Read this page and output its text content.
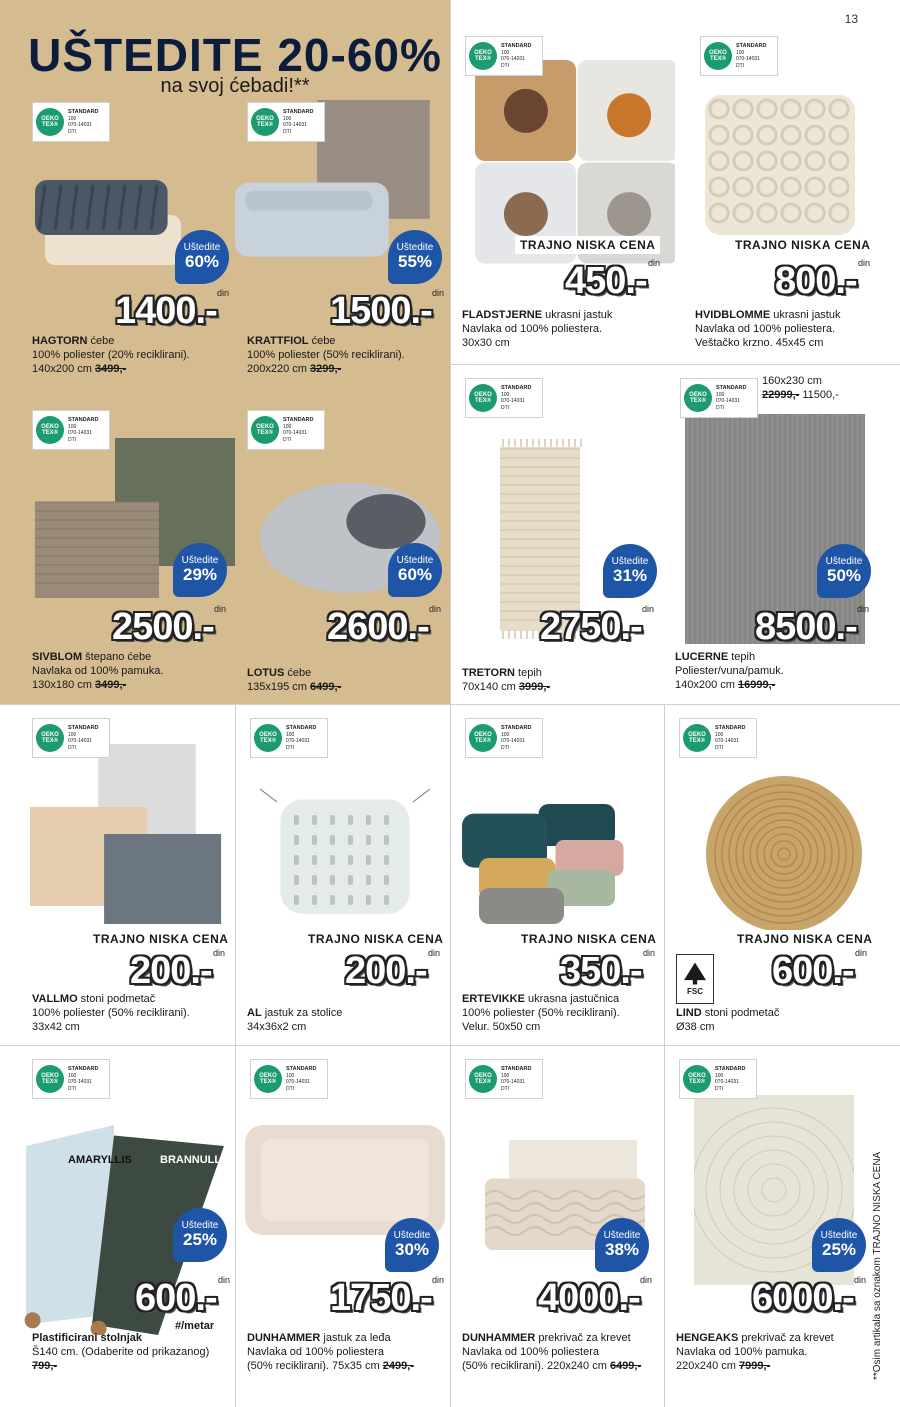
13
UŠTEDITE 20-60%
na svoj ćebadi!**
OEKO
TEX®
STANDARD
100
070-14031
DTI
Uštedite
60%
1400.- din
HAGTORN ćebe
100% poliester (20% reciklirani).
140x200 cm 3499,-
OEKO
TEX®
STANDARD
100
070-14031
DTI
Uštedite
55%
1500.- din
KRATTFIOL ćebe
100% poliester (50% reciklirani).
200x220 cm 3299,-
OEKO
TEX®
STANDARD
100
070-14031
DTI
TRAJNO NISKA CENA
450.- din
FLADSTJERNE ukrasni jastuk
Navlaka od 100% poliestera.
30x30 cm
OEKO
TEX®
STANDARD
100
070-14031
DTI
TRAJNO NISKA CENA
800.- din
HVIDBLOMME ukrasni jastuk
Navlaka od 100% poliestera.
Veštačko krzno. 45x45 cm
OEKO
TEX®
STANDARD
100
070-14031
DTI
Uštedite
29%
2500.- din
SIVBLOM štepano ćebe
Navlaka od 100% pamuka.
130x180 cm 3499,-
OEKO
TEX®
STANDARD
100
070-14031
DTI
Uštedite
60%
2600.- din
LOTUS ćebe
135x195 cm 6499,-
OEKO
TEX®
STANDARD
100
070-14031
DTI
Uštedite
31%
2750.- din
TRETORN tepih
70x140 cm 3999,-
OEKO
TEX®
STANDARD
100
070-14031
DTI
Uštedite
50%
8500.- din
160x230 cm
22999,- 11500,-
LUCERNE tepih
Poliester/vuna/pamuk.
140x200 cm 16999,-
OEKO
TEX®
STANDARD
100
070-14031
DTI
TRAJNO NISKA CENA
200.- din
VALLMO stoni podmetač
100% poliester (50% reciklirani).
33x42 cm
OEKO
TEX®
STANDARD
100
070-14031
DTI
TRAJNO NISKA CENA
200.- din
AL jastuk za stolice
34x36x2 cm
OEKO
TEX®
STANDARD
100
070-14031
DTI
TRAJNO NISKA CENA
350.- din
ERTEVIKKE ukrasna jastučnica
100% poliester (50% reciklirani).
Velur. 50x50 cm
OEKO
TEX®
STANDARD
100
070-14031
DTI
TRAJNO NISKA CENA
600.- din
LIND stoni podmetač
Ø38 cm
FSC
OEKO
TEX®
STANDARD
100
070-14031
DTI
Uštedite
25%
600.- din
#/metar
AMARYLLIS	BRANNULL
Plastificirani stolnjak
Š140 cm. (Odaberite od prikazanog)
799,-
OEKO
TEX®
STANDARD
100
070-14031
DTI
Uštedite
30%
1750.- din
DUNHAMMER jastuk za leđa
Navlaka od 100% poliestera
(50% reciklirani). 75x35 cm 2499,-
OEKO
TEX®
STANDARD
100
070-14031
DTI
Uštedite
38%
4000.- din
DUNHAMMER prekrivač za krevet
Navlaka od 100% poliestera
(50% reciklirani). 220x240 cm 6499,-
OEKO
TEX®
STANDARD
100
070-14031
DTI
Uštedite
25%
6000.- din
HENGEAKS prekrivač za krevet
Navlaka od 100% pamuka.
220x240 cm 7999,-	**Osim artikala sa oznakom TRAJNO NISKA CENA
